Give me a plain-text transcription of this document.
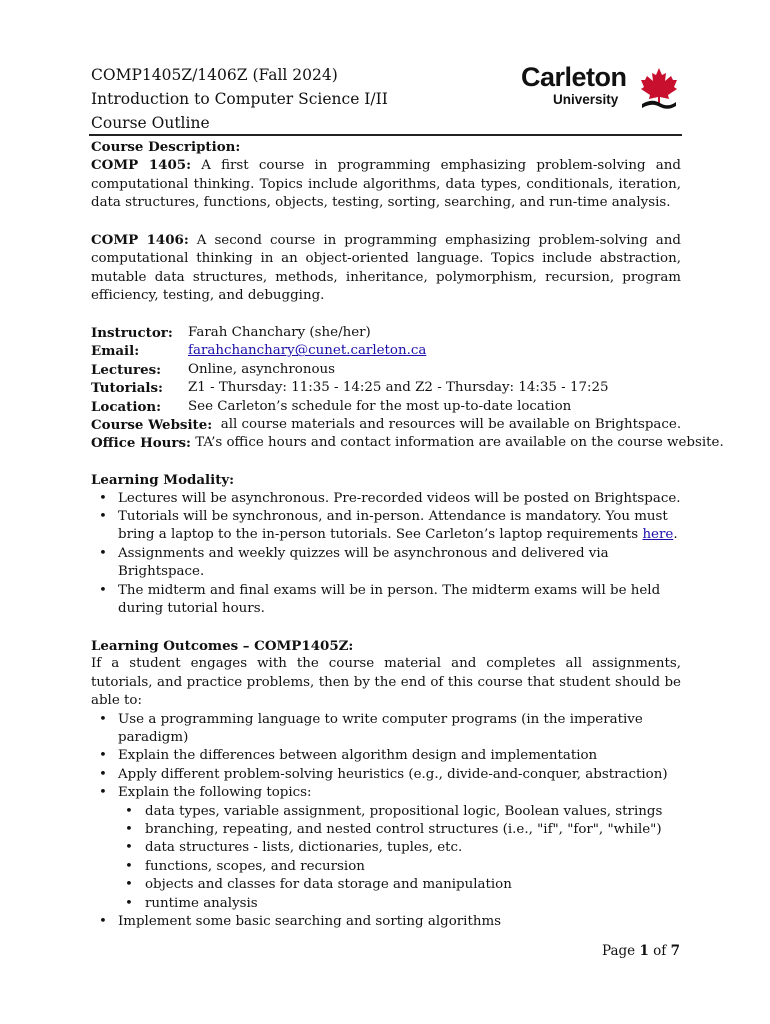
COMP1405Z/1406Z (Fall 2024)
Introduction to Computer Science I/II
Course Outline
Carleton
University

Course Description:

COMP 1405: A first course in programming emphasizing problem-solving and computational thinking. Topics include algorithms, data types, conditionals, iteration, data structures, functions, objects, testing, sorting, searching, and run-time analysis.

COMP 1406: A second course in programming emphasizing problem-solving and computational thinking in an object-oriented language. Topics include abstraction, mutable data structures, methods, inheritance, polymorphism, recursion, program efficiency, testing, and debugging.

Instructor:	Farah Chanchary (she/her)
Email:	farahchanchary@cunet.carleton.ca
Lectures:	Online, asynchronous
Tutorials:	Z1 - Thursday: 11:35 - 14:25 and Z2 - Thursday: 14:35 - 17:25
Location:	See Carleton’s schedule for the most up-to-date location
Course Website: all course materials and resources will be available on Brightspace.
Office Hours: TA’s office hours and contact information are available on the course website.

Learning Modality:

• Lectures will be asynchronous. Pre-recorded videos will be posted on Brightspace.
• Tutorials will be synchronous, and in-person. Attendance is mandatory. You must bring a laptop to the in-person tutorials. See Carleton’s laptop requirements here.
• Assignments and weekly quizzes will be asynchronous and delivered via Brightspace.
• The midterm and final exams will be in person. The midterm exams will be held during tutorial hours.

Learning Outcomes – COMP1405Z:

If a student engages with the course material and completes all assignments, tutorials, and practice problems, then by the end of this course that student should be able to:

• Use a programming language to write computer programs (in the imperative paradigm)
• Explain the differences between algorithm design and implementation
• Apply different problem-solving heuristics (e.g., divide-and-conquer, abstraction)
• Explain the following topics:
• data types, variable assignment, propositional logic, Boolean values, strings
• branching, repeating, and nested control structures (i.e., "if", "for", "while")
• data structures - lists, dictionaries, tuples, etc.
• functions, scopes, and recursion
• objects and classes for data storage and manipulation
• runtime analysis
• Implement some basic searching and sorting algorithms
Page 1 of 7
